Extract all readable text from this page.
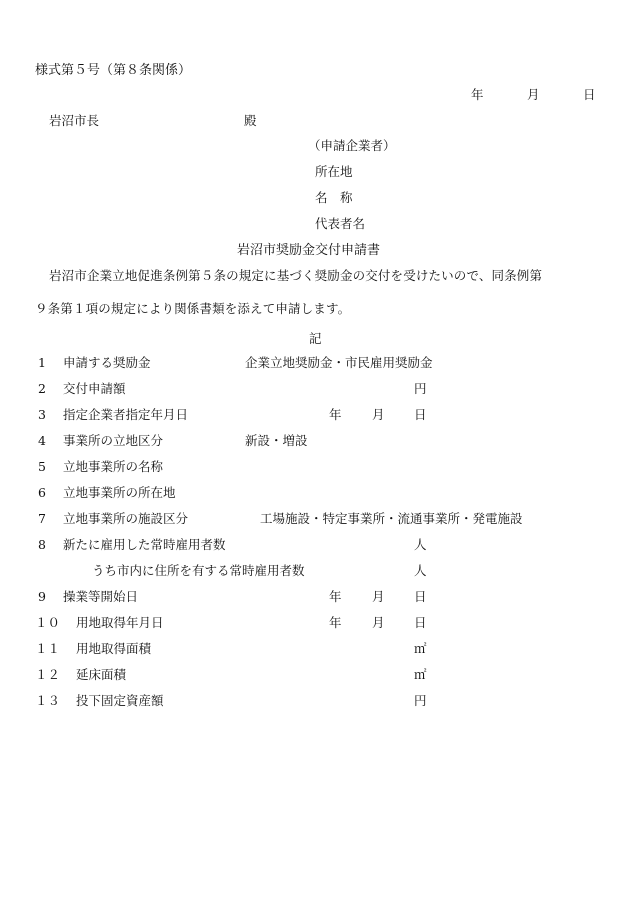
様式第５号（第８条関係）
年	月	日
岩沼市長	殿
（申請企業者）
所在地
名　称
代表者名
岩沼市奨励金交付申請書
岩沼市企業立地促進条例第５条の規定に基づく奨励金の交付を受けたいので、同条例第
９条第１項の規定により関係書類を添えて申請します。
記
1 申請する奨励金	企業立地奨励金・市民雇用奨励金
2 交付申請額	円
3 指定企業者指定年月日	年 月 日
4 事業所の立地区分	新設・増設
5 立地事業所の名称
6 立地事業所の所在地
7 立地事業所の施設区分	工場施設・特定事業所・流通事業所・発電施設
8 新たに雇用した常時雇用者数	人
うち市内に住所を有する常時雇用者数	人
9 操業等開始日	年 月 日
１０ 用地取得年月日	年 月 日
１１ 用地取得面積	㎡
１２ 延床面積	㎡
１３ 投下固定資産額	円
